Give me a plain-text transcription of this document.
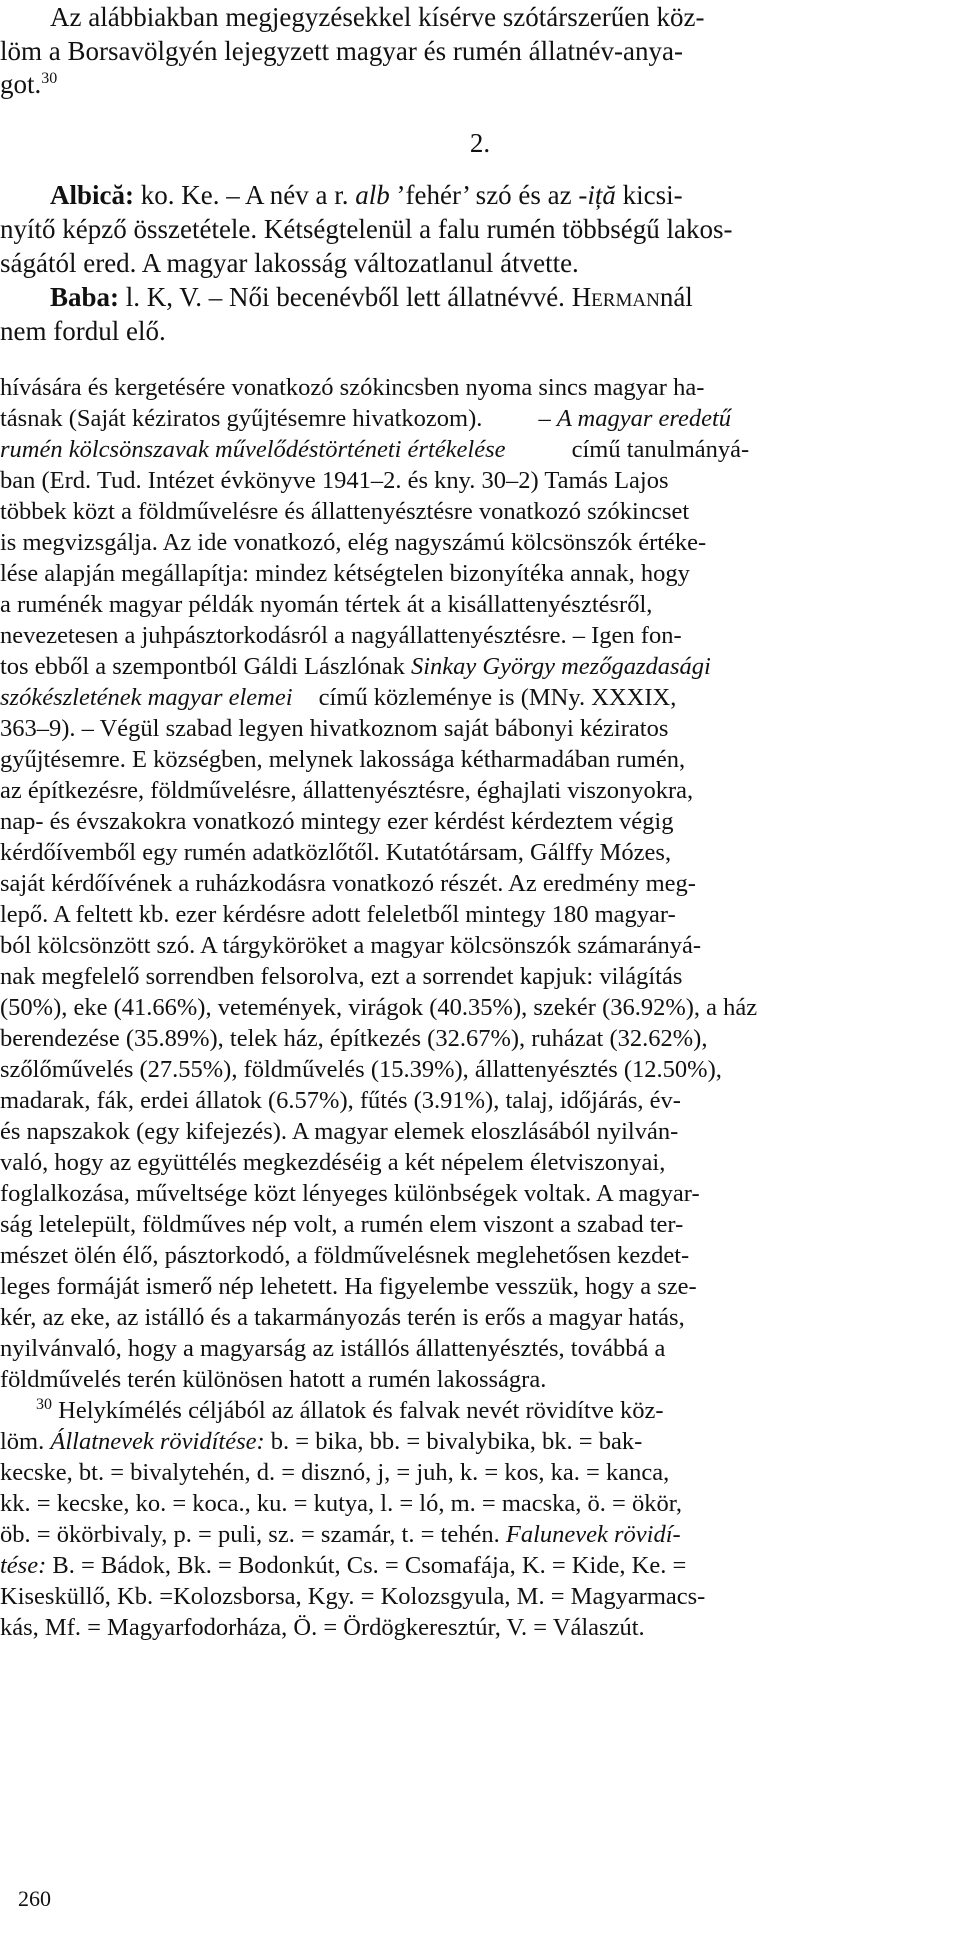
Az alábbiakban megjegyzésekkel kísérve szótárszerűen köz-
löm a Borsavölgyén lejegyzett magyar és rumén állatnév-anya-
got.$^{30}$
2.
Albică: ko. Ke. – A név a r. alb ’fehér’ szó és az -iță kicsi-
nyítő képző összetétele. Kétségtelenül a falu rumén többségű lakos-
ságától ered. A magyar lakosság változatlanul átvette.
Baba: l. K, V. – Női becenévből lett állatnévvé. Hermannál
nem fordul elő.
hívására és kergetésére vonatkozó szókincsben nyoma sincs magyar ha-
tásnak (Saját kéziratos gyűjtésemre hivatkozom). – A magyar eredetű
rumén kölcsönszavak művelődéstörténeti értékelése	című tanulmányá-
ban (Erd. Tud. Intézet évkönyve 1941–2. és kny. 30–2) Tamás Lajos
többek közt a földművelésre és állattenyésztésre vonatkozó szókincset
is megvizsgálja. Az ide vonatkozó, elég nagyszámú kölcsönszók értéke-
lése alapján megállapítja: mindez kétségtelen bizonyítéka annak, hogy
a ruménék magyar példák nyomán tértek át a kisállattenyésztésről,
nevezetesen a juhpásztorkodásról a nagyállattenyésztésre. – Igen fon-
tos ebből a szempontból Gáldi Lászlónak Sinkay György mezőgazdasági
szókészletének magyar elemei című közleménye is (MNy. XXXIX,
363–9). – Végül szabad legyen hivatkoznom saját bábonyi kéziratos
gyűjtésemre. E községben, melynek lakossága kétharmadában rumén,
az építkezésre, földművelésre, állattenyésztésre, éghajlati viszonyokra,
nap- és évszakokra vonatkozó mintegy ezer kérdést kérdeztem végig
kérdőívemből egy rumén adatközlőtől. Kutatótársam, Gálffy Mózes,
saját kérdőívének a ruházkodásra vonatkozó részét. Az eredmény meg-
lepő. A feltett kb. ezer kérdésre adott feleletből mintegy 180 magyar-
ból kölcsönzött szó. A tárgyköröket a magyar kölcsönszók számarányá-
nak megfelelő sorrendben felsorolva, ezt a sorrendet kapjuk: világítás
(50%), eke (41.66%), vetemények, virágok (40.35%), szekér (36.92%), a ház
berendezése (35.89%), telek ház, építkezés (32.67%), ruházat (32.62%),
szőlőművelés (27.55%), földművelés (15.39%), állattenyésztés (12.50%),
madarak, fák, erdei állatok (6.57%), fűtés (3.91%), talaj, időjárás, év-
és napszakok (egy kifejezés). A magyar elemek eloszlásából nyilván-
való, hogy az együttélés megkezdéséig a két népelem életviszonyai,
foglalkozása, műveltsége közt lényeges különbségek voltak. A magyar-
ság letelepült, földműves nép volt, a rumén elem viszont a szabad ter-
mészet ölén élő, pásztorkodó, a földművelésnek meglehetősen kezdet-
leges formáját ismerő nép lehetett. Ha figyelembe vesszük, hogy a sze-
kér, az eke, az istálló és a takarmányozás terén is erős a magyar hatás,
nyilvánvaló, hogy a magyarság az istállós állattenyésztés, továbbá a
földművelés terén különösen hatott a rumén lakosságra.
$^{30}$ Helykímélés céljából az állatok és falvak nevét rövidítve köz-
löm. Állatnevek rövidítése: b. = bika, bb. = bivalybika, bk. = bak-
kecske, bt. = bivalytehén, d. = disznó, j, = juh, k. = kos, ka. = kanca,
kk. = kecske, ko. = koca., ku. = kutya, l. = ló, m. = macska, ö. = ökör,
öb. = ökörbivaly, p. = puli, sz. = szamár, t. = tehén. Falunevek rövidí-
tése: B. = Bádok, Bk. = Bodonkút, Cs. = Csomafája, K. = Kide, Ke. =
Kisesküllő, Kb. =Kolozsborsa, Kgy. = Kolozsgyula, M. = Magyarmacs-
kás, Mf. = Magyarfodorháza, Ö. = Ördögkeresztúr, V. = Válaszút.
260
